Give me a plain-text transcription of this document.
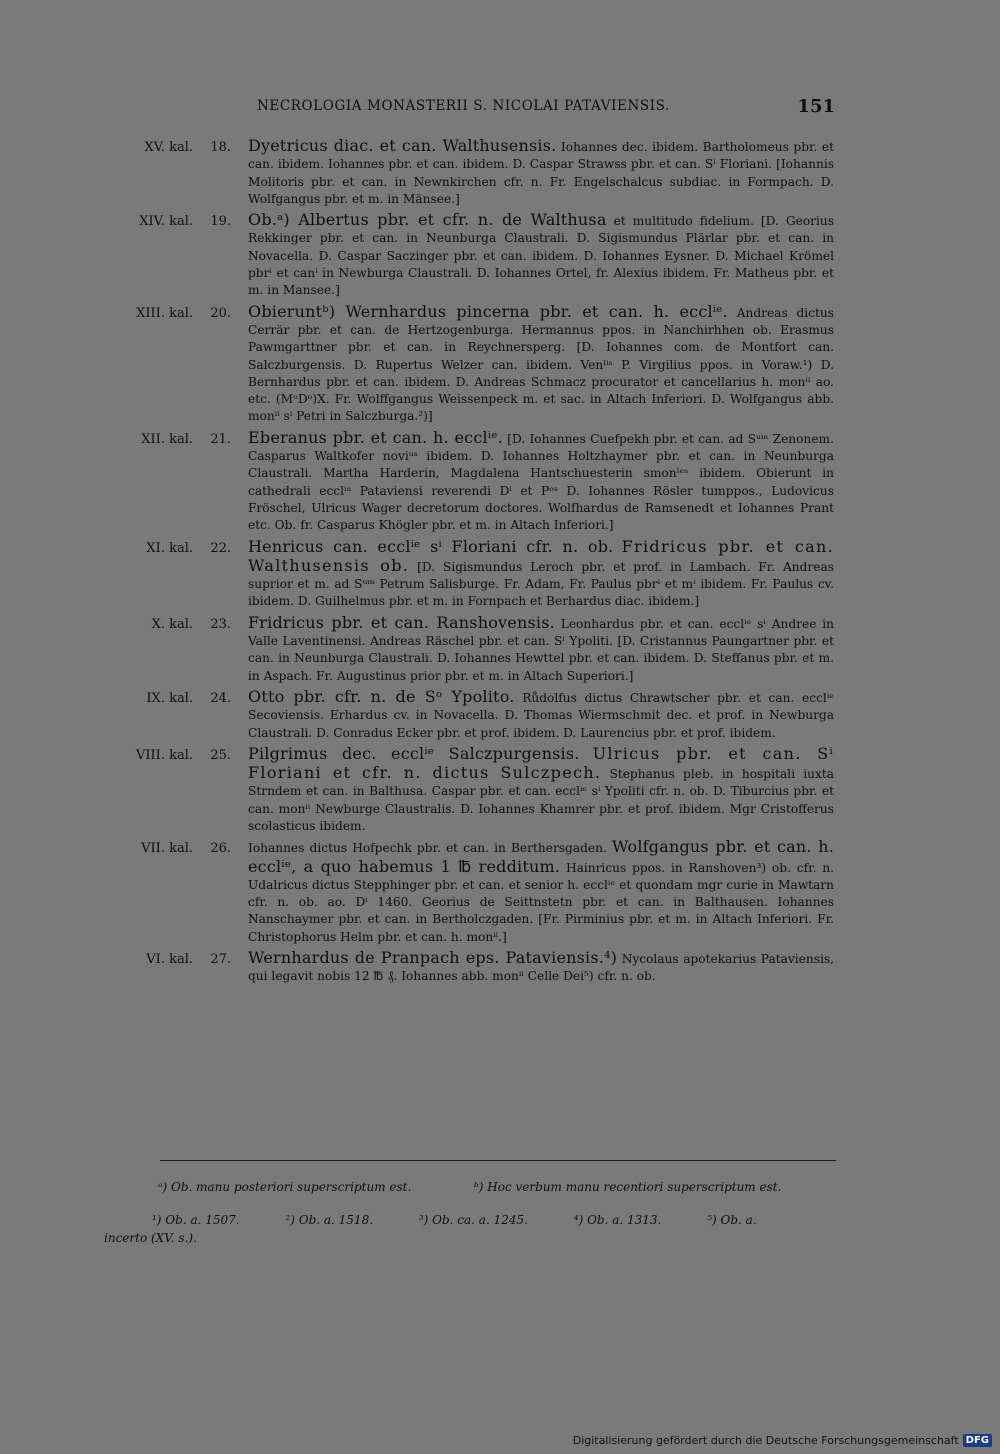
NECROLOGIA MONASTERII S. NICOLAI PATAVIENSIS.	151
XV. kal.	18. Dyetricus diac. et can. Walthusensis. Iohannes dec. ibidem. Bartholomeus pbr. et can. ibidem. Iohannes pbr. et can. ibidem. D. Caspar Strawss pbr. et can. Sⁱ Floriani. [Iohannis Molitoris pbr. et can. in Newnkirchen cfr. n. Fr. Engelschalcus subdiac. in Formpach. D. Wolfgangus pbr. et m. in Mänsee.]
XIV. kal.	19. Ob.ᵃ) Albertus pbr. et cfr. n. de Walthusa et multitudo fidelium. [D. Georius Rekkinger pbr. et can. in Neunburga Claustrali. D. Sigismundus Plärlar pbr. et can. in Novacella. D. Caspar Saczinger pbr. et can. ibidem. D. Iohannes Eysner. D. Michael Krömel pbrⁱ et canⁱ in Newburga Claustrali. D. Iohannes Ortel, fr. Alexius ibidem. Fr. Matheus pbr. et m. in Mansee.]
XIII. kal.	20. Obieruntᵇ) Wernhardus pincerna pbr. et can. h. ecclⁱᵉ. Andreas dictus Cerrär pbr. et can. de Hertzogenburga. Hermannus ppos. in Nanchirhhen ob. Erasmus Pawmgarttner pbr. et can. in Reychnersperg. [D. Iohannes com. de Montfort can. Salczburgensis. D. Rupertus Welzer can. ibidem. Venˡⁱˢ P. Virgilius ppos. in Voraw.¹) D. Bernhardus pbr. et can. ibidem. D. Andreas Schmacz procurator et cancellarius h. monⁱⁱ ao. etc. (MᵒDᵒ)X. Fr. Wolffgangus Weissenpeck m. et sac. in Altach Inferiori. D. Wolfgangus abb. monⁱⁱ sⁱ Petri in Salczburga.²)]
XII. kal.	21. Eberanus pbr. et can. h. ecclⁱᵉ. [D. Iohannes Cuefpekh pbr. et can. ad Sᵘᵐ Zenonem. Casparus Waltkofer noviᵘˢ ibidem. D. Iohannes Holtzhaymer pbr. et can. in Neunburga Claustrali. Martha Harderin, Magdalena Hantschuesterin smonˡᵉˢ ibidem. Obierunt in cathedrali ecclⁱᵃ Pataviensi reverendi Dⁱ et Pᵒˢ D. Iohannes Rösler tumppos., Ludovicus Fröschel, Ulricus Wager decretorum doctores. Wolfhardus de Ramsenedt et Iohannes Prant etc. Ob. fr. Casparus Khögler pbr. et m. in Altach Inferiori.]
XI. kal.	22. Henricus can. ecclⁱᵉ sⁱ Floriani cfr. n. ob. Fridricus pbr. et can. Walthusensis ob. [D. Sigismundus Leroch pbr. et prof. in Lambach. Fr. Andreas suprior et m. ad Sᵘᵐ Petrum Salisburge. Fr. Adam, Fr. Paulus pbrⁱ et mⁱ ibidem. Fr. Paulus cv. ibidem. D. Guilhelmus pbr. et m. in Fornpach et Berhardus diac. ibidem.]
X. kal.	23. Fridricus pbr. et can. Ranshovensis. Leonhardus pbr. et can. ecclⁱᵉ sⁱ Andree in Valle Laventinensi. Andreas Räschel pbr. et can. Sⁱ Ypoliti. [D. Cristannus Paungartner pbr. et can. in Neunburga Claustrali. D. Iohannes Hewttel pbr. et can. ibidem. D. Steffanus pbr. et m. in Aspach. Fr. Augustinus prior pbr. et m. in Altach Superiori.]
IX. kal.	24. Otto pbr. cfr. n. de Sᵒ Ypolito. Růdolfus dictus Chrawtscher pbr. et can. ecclⁱᵉ Secoviensis. Erhardus cv. in Novacella. D. Thomas Wiermschmit dec. et prof. in Newburga Claustrali. D. Conradus Ecker pbr. et prof. ibidem. D. Laurencius pbr. et prof. ibidem.
VIII. kal.	25. Pilgrimus dec. ecclⁱᵉ Salczpurgensis. Ulricus pbr. et can. Sⁱ Floriani et cfr. n. dictus Sulczpech. Stephanus pleb. in hospitali iuxta Strndem et can. in Balthusa. Caspar pbr. et can. ecclⁱᵉ sⁱ Ypoliti cfr. n. ob. D. Tiburcius pbr. et can. monⁱⁱ Newburge Claustralis. D. Iohannes Khamrer pbr. et prof. ibidem. Mgr Cristofferus scolasticus ibidem.
VII. kal.	26. Iohannes dictus Hofpechk pbr. et can. in Berthersgaden. Wolfgangus pbr. et can. h. ecclⁱᵉ, a quo habemus 1 ℔ redditum. Hainricus ppos. in Ranshoven³) ob. cfr. n. Udalricus dictus Stepphinger pbr. et can. et senior h. ecclⁱᵉ et quondam mgr curie in Mawtarn cfr. n. ob. ao. Dⁱ 1460. Georius de Seittnstetn pbr. et can. in Balthausen. Iohannes Nanschaymer pbr. et can. in Bertholczgaden. [Fr. Pirminius pbr. et m. in Altach Inferiori. Fr. Christophorus Helm pbr. et can. h. monⁱⁱ.]
VI. kal.	27. Wernhardus de Pranpach eps. Pataviensis.⁴) Nycolaus apotekarius Pataviensis, qui legavit nobis 12 ℔ ₰. Iohannes abb. monⁱⁱ Celle Dei⁵) cfr. n. ob.
ᵃ) Ob. manu posteriori superscriptum est.	ᵇ) Hoc verbum manu recentiori superscriptum est.
¹) Ob. a. 1507.	²) Ob. a. 1518.	³) Ob. ca. a. 1245.	⁴) Ob. a. 1313.	⁵) Ob. a.
incerto (XV. s.).
Digitalisierung gefördert durch die Deutsche Forschungsgemeinschaft DFG
